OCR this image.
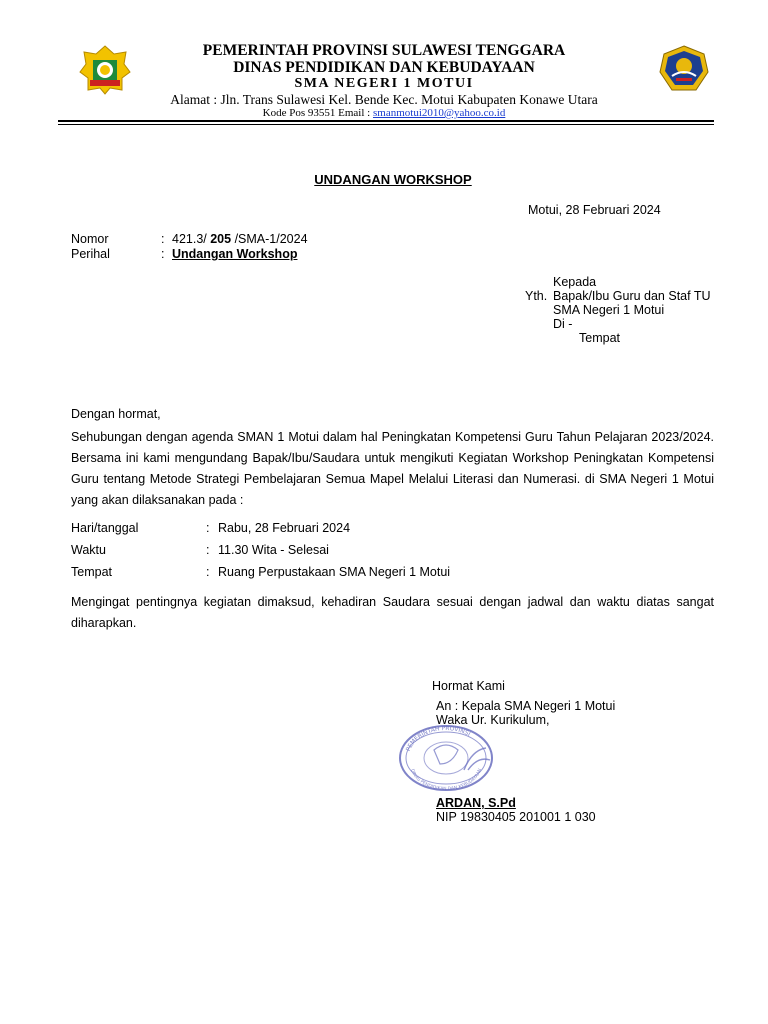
PEMERINTAH PROVINSI SULAWESI TENGGARA
DINAS PENDIDIKAN DAN KEBUDAYAAN
SMA NEGERI 1 MOTUI
Alamat : Jln. Trans Sulawesi Kel. Bende Kec. Motui Kabupaten Konawe Utara
Kode Pos 93551 Email : smanmotui2010@yahoo.co.id
UNDANGAN WORKSHOP
Motui, 28 Februari 2024
Nomor	: 421.3/ 205 /SMA-1/2024
Perihal	: Undangan Workshop
Kepada
Yth. Bapak/Ibu Guru dan Staf TU
SMA Negeri 1 Motui
Di -
Tempat
Dengan hormat,
Sehubungan dengan agenda SMAN 1 Motui dalam hal Peningkatan Kompetensi Guru Tahun Pelajaran 2023/2024.
Bersama ini kami mengundang Bapak/Ibu/Saudara untuk mengikuti Kegiatan Workshop Peningkatan Kompetensi
Guru tentang Metode Strategi Pembelajaran Semua Mapel Melalui Literasi dan Numerasi. di SMA Negeri 1 Motui
yang akan dilaksanakan pada :
Hari/tanggal	: Rabu, 28 Februari 2024
Waktu	: 11.30 Wita - Selesai
Tempat	: Ruang Perpustakaan SMA Negeri 1 Motui
Mengingat pentingnya kegiatan dimaksud, kehadiran Saudara sesuai dengan jadwal dan waktu diatas sangat
diharapkan.
Hormat Kami
An : Kepala SMA Negeri 1 Motui
Waka Ur. Kurikulum,
PEMERINTAH PROVINSI
DINAS PENDIDIKAN DAN KEBUDAYAAN
ARDAN, S.Pd
NIP 19830405 201001 1 030
